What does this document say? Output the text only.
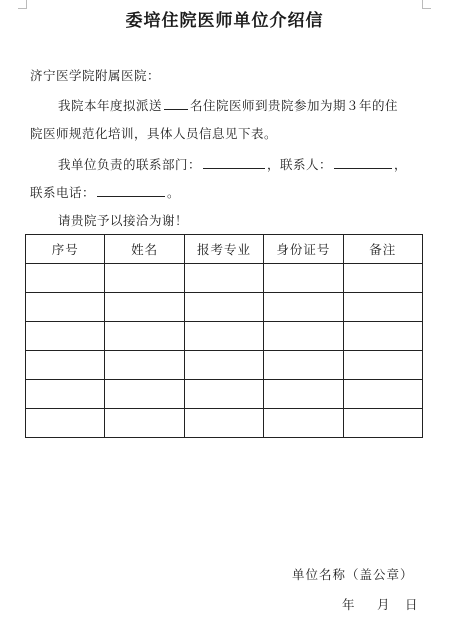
委培住院医师单位介绍信
济宁医学院附属医院：
我院本年度拟派送 名住院医师到贵院参加为期３年的住
院医师规范化培训，具体人员信息见下表。
我单位负责的联系部门：	，联系人：	，
联系电话：	。
请贵院予以接洽为谢！
序号	姓名	报考专业	身份证号	备注

单位名称（盖公章）
年 月 日
